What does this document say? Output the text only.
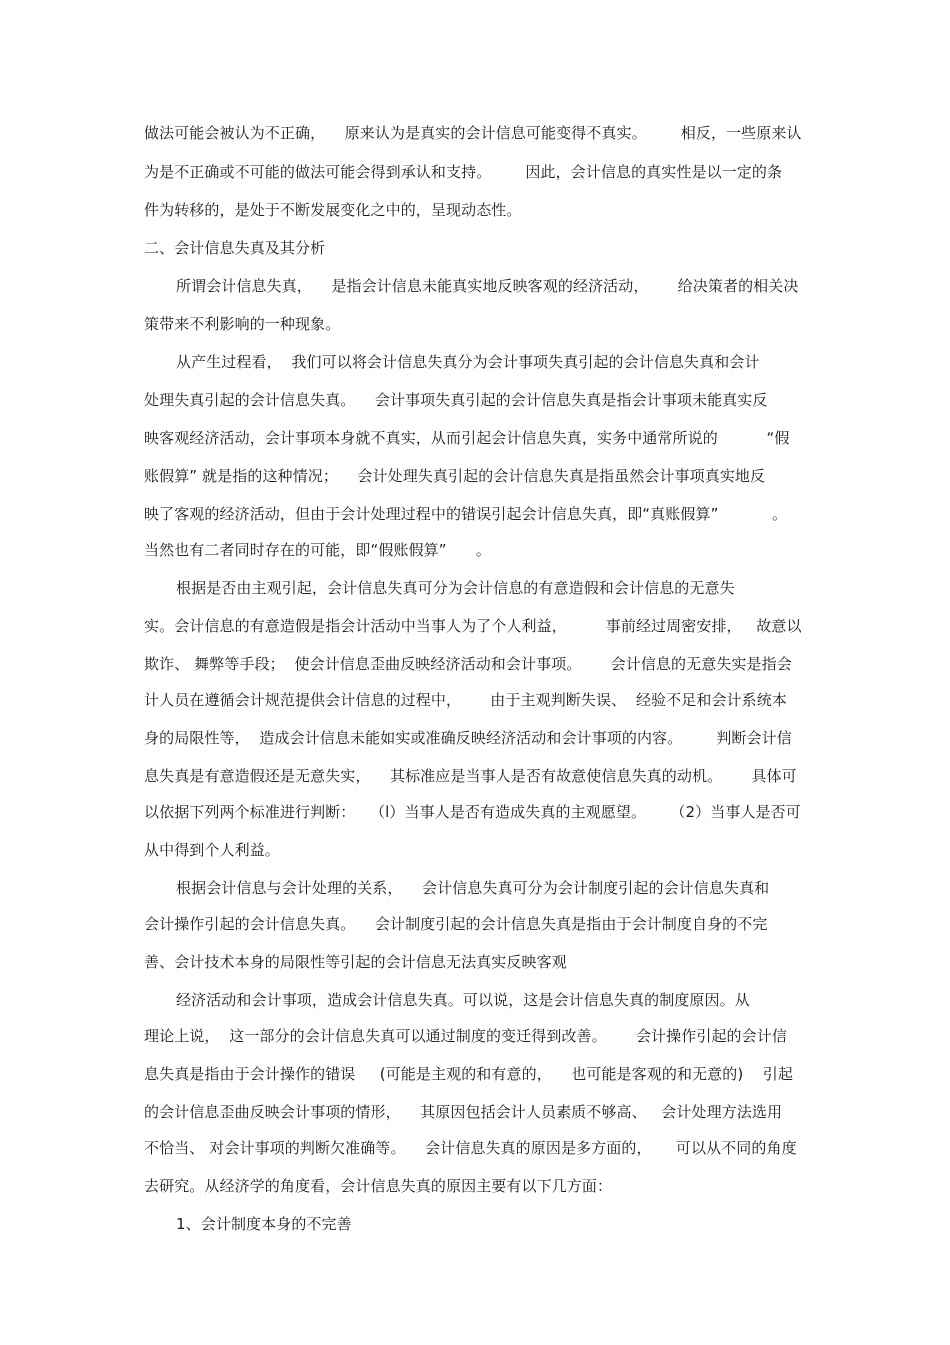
做法可能会被认为不正确，    原来认为是真实的会计信息可能变得不真实。       相反，一些原来认
为是不正确或不可能的做法可能会得到承认和支持。       因此，会计信息的真实性是以一定的条
件为转移的，是处于不断发展变化之中的，呈现动态性。
二、会计信息失真及其分析
所谓会计信息失真，    是指会计信息未能真实地反映客观的经济活动，      给决策者的相关决
策带来不利影响的一种现象。
从产生过程看，  我们可以将会计信息失真分为会计事项失真引起的会计信息失真和会计
处理失真引起的会计信息失真。    会计事项失真引起的会计信息失真是指会计事项未能真实反
映客观经济活动，会计事项本身就不真实，从而引起会计信息失真，实务中通常所说的          “假
账假算” 就是指的这种情况；    会计处理失真引起的会计信息失真是指虽然会计事项真实地反
映了客观的经济活动，但由于会计处理过程中的错误引起会计信息失真，即“真账假算”           。
当然也有二者同时存在的可能，即“假账假算”      。
根据是否由主观引起，会计信息失真可分为会计信息的有意造假和会计信息的无意失
实。会计信息的有意造假是指会计活动中当事人为了个人利益，        事前经过周密安排，   故意以
欺诈、 舞弊等手段；  使会计信息歪曲反映经济活动和会计事项。      会计信息的无意失实是指会
计人员在遵循会计规范提供会计信息的过程中，      由于主观判断失误、  经验不足和会计系统本
身的局限性等，  造成会计信息未能如实或准确反映经济活动和会计事项的内容。       判断会计信
息失真是有意造假还是无意失实，    其标准应是当事人是否有故意使信息失真的动机。      具体可
以依据下列两个标准进行判断：   （l）当事人是否有造成失真的主观愿望。     （2）当事人是否可
从中得到个人利益。
根据会计信息与会计处理的关系，    会计信息失真可分为会计制度引起的会计信息失真和
会计操作引起的会计信息失真。    会计制度引起的会计信息失真是指由于会计制度自身的不完
善、会计技术本身的局限性等引起的会计信息无法真实反映客观
经济活动和会计事项，造成会计信息失真。可以说，这是会计信息失真的制度原因。从
理论上说，  这一部分的会计信息失真可以通过制度的变迁得到改善。      会计操作引起的会计信
息失真是指由于会计操作的错误     (可能是主观的和有意的，    也可能是客观的和无意的)    引起
的会计信息歪曲反映会计事项的情形，    其原因包括会计人员素质不够高、   会计处理方法选用
不恰当、 对会计事项的判断欠准确等。    会计信息失真的原因是多方面的，     可以从不同的角度
去研究。从经济学的角度看，会计信息失真的原因主要有以下几方面：
1、会计制度本身的不完善
